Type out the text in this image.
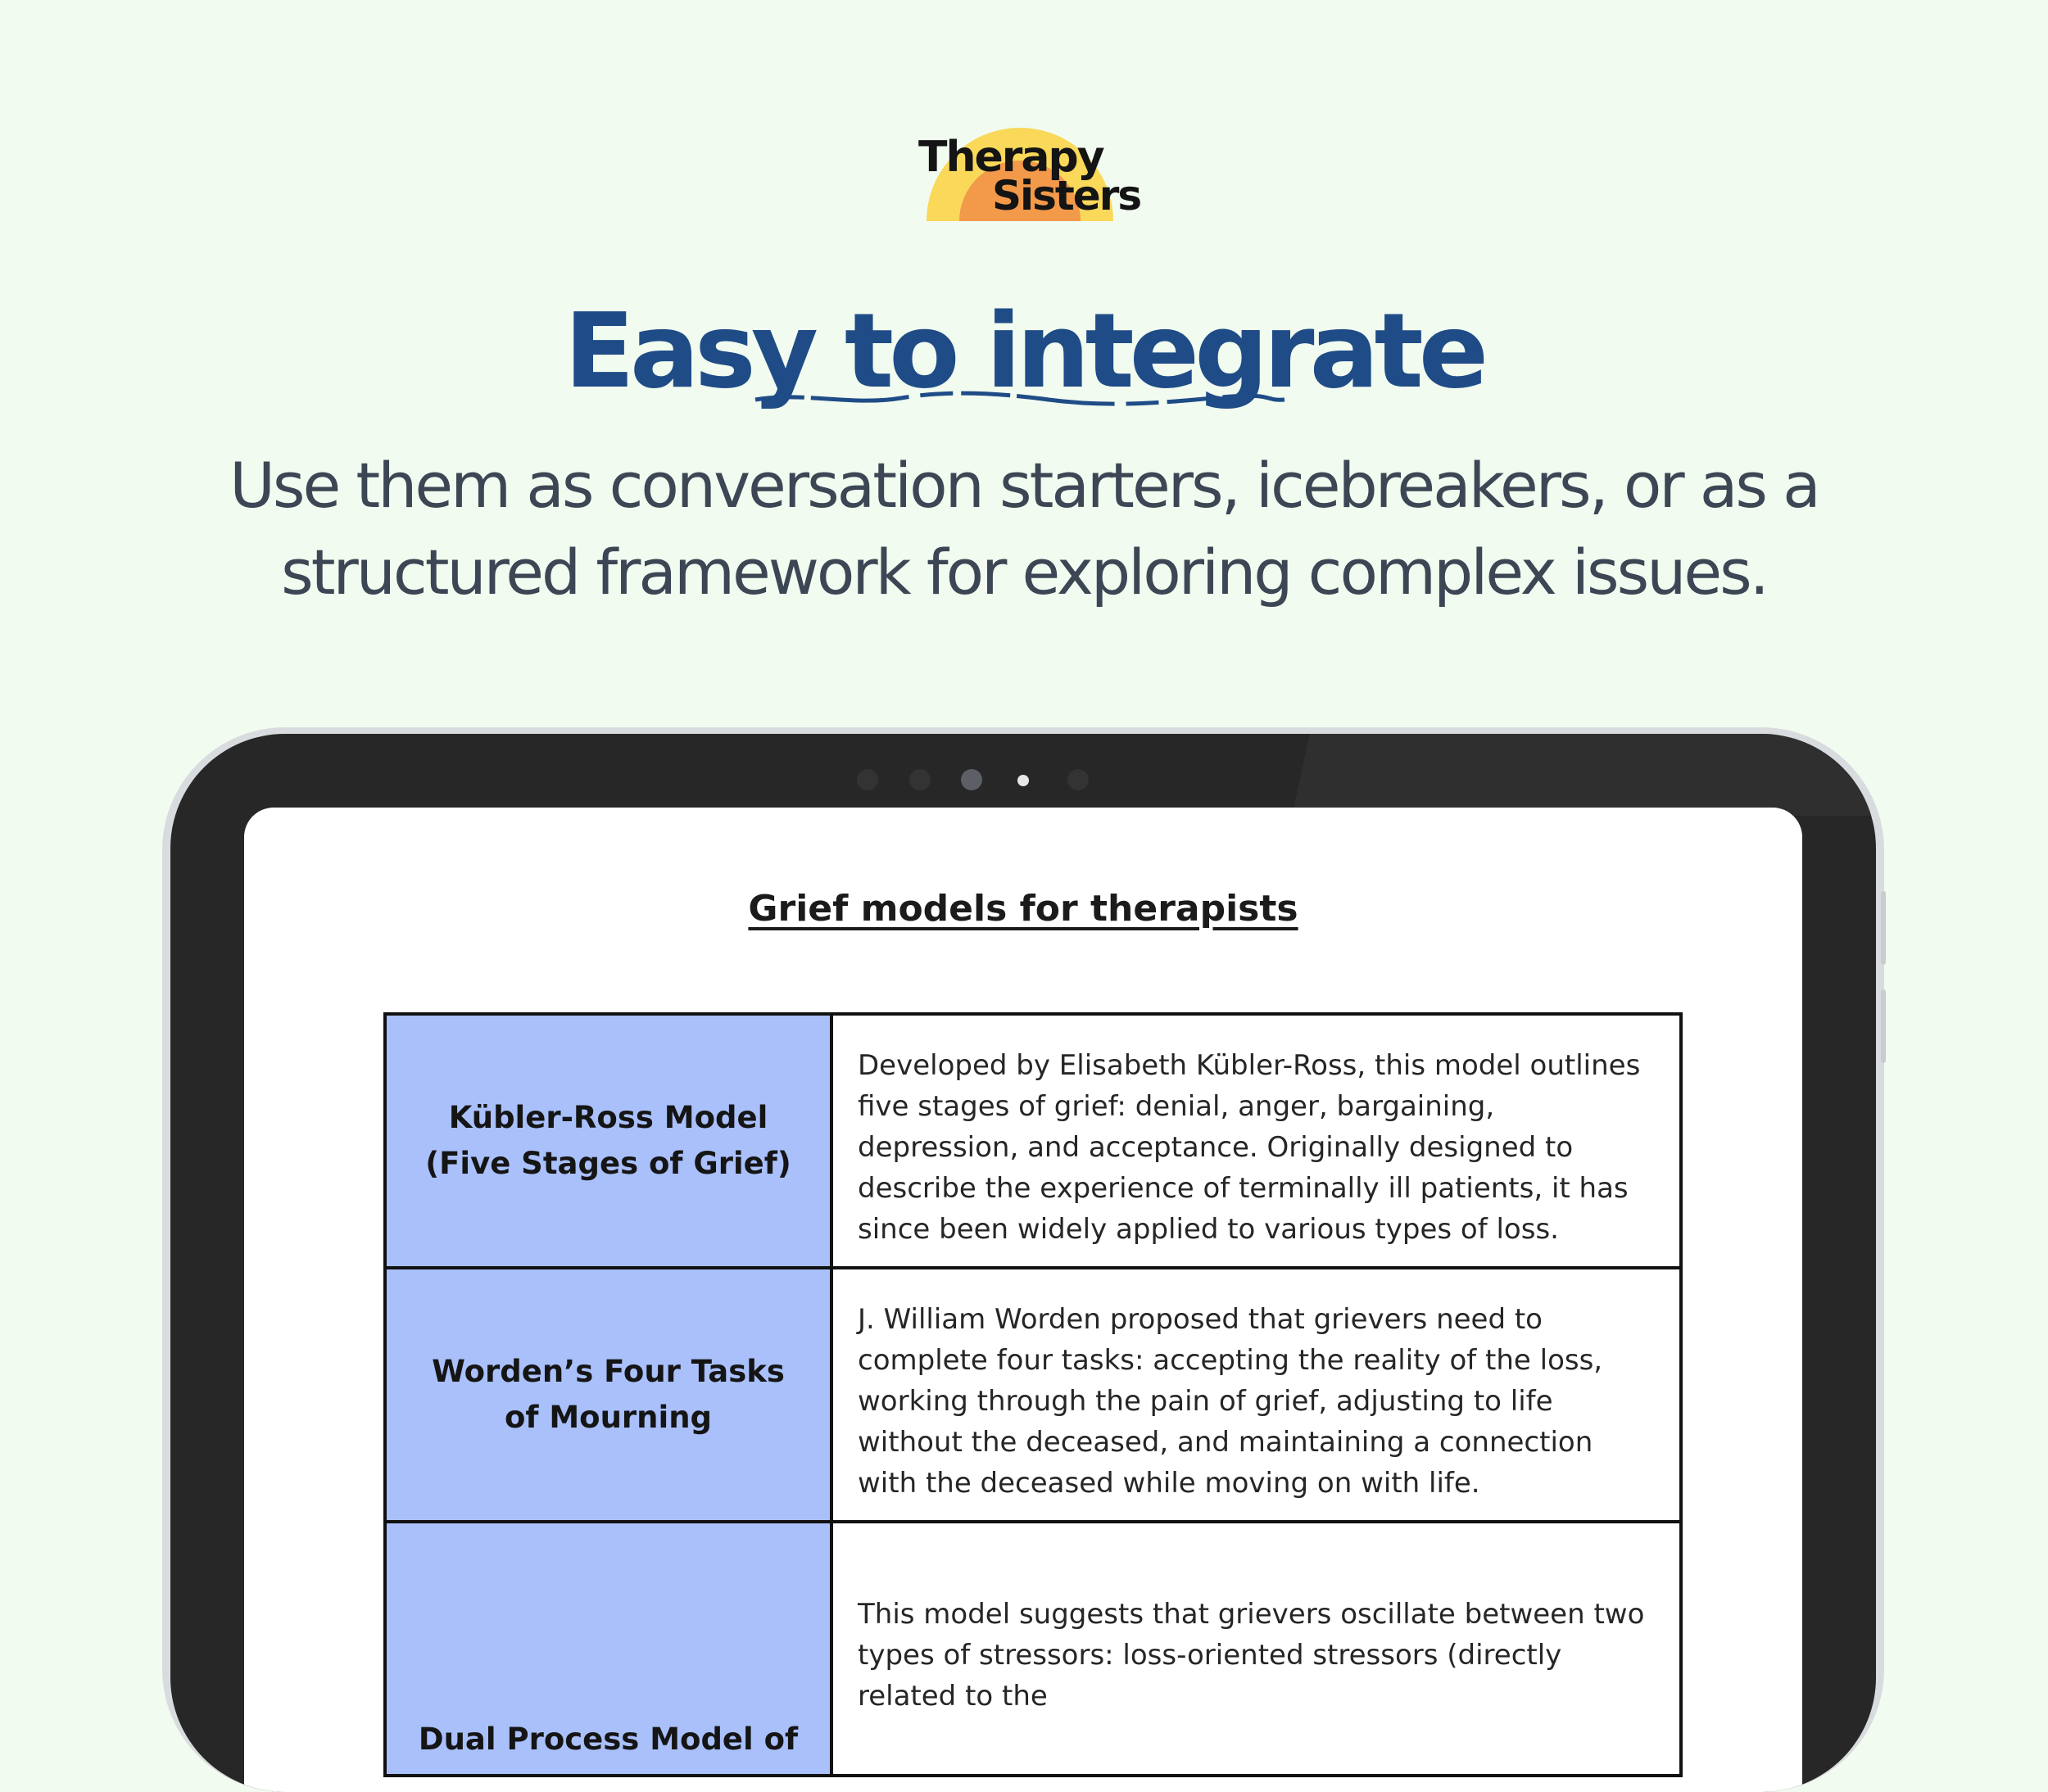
Therapy
Sisters
Easy to integrate
Use them as conversation starters, icebreakers, or as a structured framework for exploring complex issues.
Grief models for therapists
Kübler-Ross Model (Five Stages of Grief)	Developed by Elisabeth Kübler-Ross, this model outlines five stages of grief: denial, anger, bargaining, depression, and acceptance. Originally designed to describe the experience of terminally ill patients, it has since been widely applied to various types of loss.
Worden’s Four Tasks of Mourning	J. William Worden proposed that grievers need to complete four tasks: accepting the reality of the loss, working through the pain of grief, adjusting to life without the deceased, and maintaining a connection with the deceased while moving on with life.
Dual Process Model of	This model suggests that grievers oscillate between two types of stressors: loss-oriented stressors (directly related to the
